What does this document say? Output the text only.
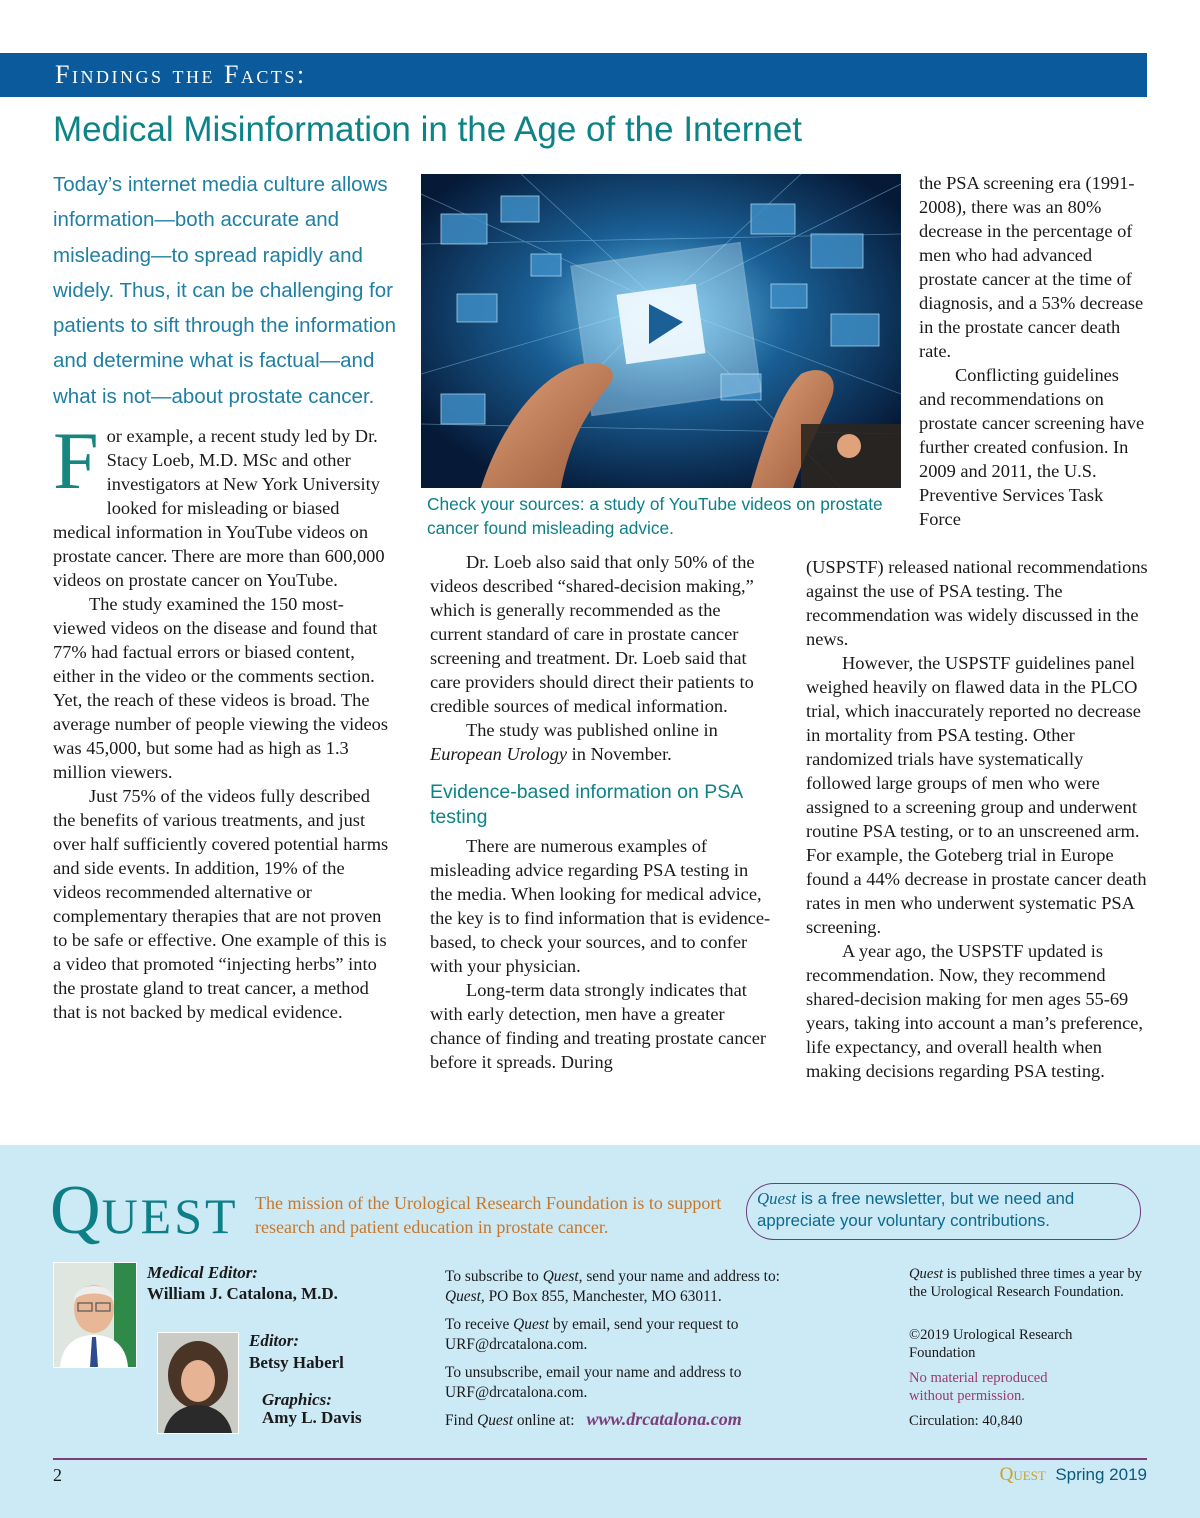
Findings the Facts:
Medical Misinformation in the Age of the Internet
Today’s internet media culture allows information—both accurate and misleading—to spread rapidly and widely. Thus, it can be challenging for patients to sift through the information and determine what is factual—and what is not—about prostate cancer.

For example, a recent study led by Dr. Stacy Loeb, M.D. MSc and other investigators at New York University looked for misleading or biased medical information in YouTube videos on prostate cancer. There are more than 600,000 videos on prostate cancer on YouTube.

The study examined the 150 most-viewed videos on the disease and found that 77% had factual errors or biased content, either in the video or the comments section. Yet, the reach of these videos is broad. The average number of people viewing the videos was 45,000, but some had as high as 1.3 million viewers.

Just 75% of the videos fully described the benefits of various treatments, and just over half sufficiently covered potential harms and side events. In addition, 19% of the videos recommended alternative or complementary therapies that are not proven to be safe or effective. One example of this is a video that promoted “injecting herbs” into the prostate gland to treat cancer, a method that is not backed by medical evidence.

Check your sources: a study of YouTube videos on prostate cancer found misleading advice.

Dr. Loeb also said that only 50% of the videos described “shared-decision making,” which is generally recommended as the current standard of care in prostate cancer screening and treatment. Dr. Loeb said that care providers should direct their patients to credible sources of medical information.

The study was published online in European Urology in November.

Evidence-based information on PSA testing

There are numerous examples of misleading advice regarding PSA testing in the media. When looking for medical advice, the key is to find information that is evidence-based, to check your sources, and to confer with your physician.

Long-term data strongly indicates that with early detection, men have a greater chance of finding and treating prostate cancer before it spreads. During

the PSA screening era (1991-2008), there was an 80% decrease in the percentage of men who had advanced prostate cancer at the time of diagnosis, and a 53% decrease in the prostate cancer death rate.

Conflicting guidelines and recommendations on prostate cancer screening have further created confusion. In 2009 and 2011, the U.S. Preventive Services Task Force

(USPSTF) released national recommendations against the use of PSA testing. The recommendation was widely discussed in the news.

However, the USPSTF guidelines panel weighed heavily on flawed data in the PLCO trial, which inaccurately reported no decrease in mortality from PSA testing. Other randomized trials have systematically followed large groups of men who were assigned to a screening group and underwent routine PSA testing, or to an unscreened arm. For example, the Goteberg trial in Europe found a 44% decrease in prostate cancer death rates in men who underwent systematic PSA screening.

A year ago, the USPSTF updated is recommendation. Now, they recommend shared-decision making for men ages 55-69 years, taking into account a man’s preference, life expectancy, and overall health when making decisions regarding PSA testing.

QUEST The mission of the Urological Research Foundation is to support research and patient education in prostate cancer.
Quest is a free newsletter, but we need and appreciate your voluntary contributions.
Medical Editor:
William J. Catalona, M.D.
Editor:
Betsy Haberl
Graphics:
Amy L. Davis
To subscribe to Quest, send your name and address to:
Quest, PO Box 855, Manchester, MO 63011.
To receive Quest by email, send your request to URF@drcatalona.com.
To unsubscribe, email your name and address to URF@drcatalona.com.
Find Quest online at: www.drcatalona.com
Quest is published three times a year by the Urological Research Foundation.
©2019 Urological Research Foundation
No material reproduced without permission.
Circulation: 40,840
2	Quest Spring 2019
